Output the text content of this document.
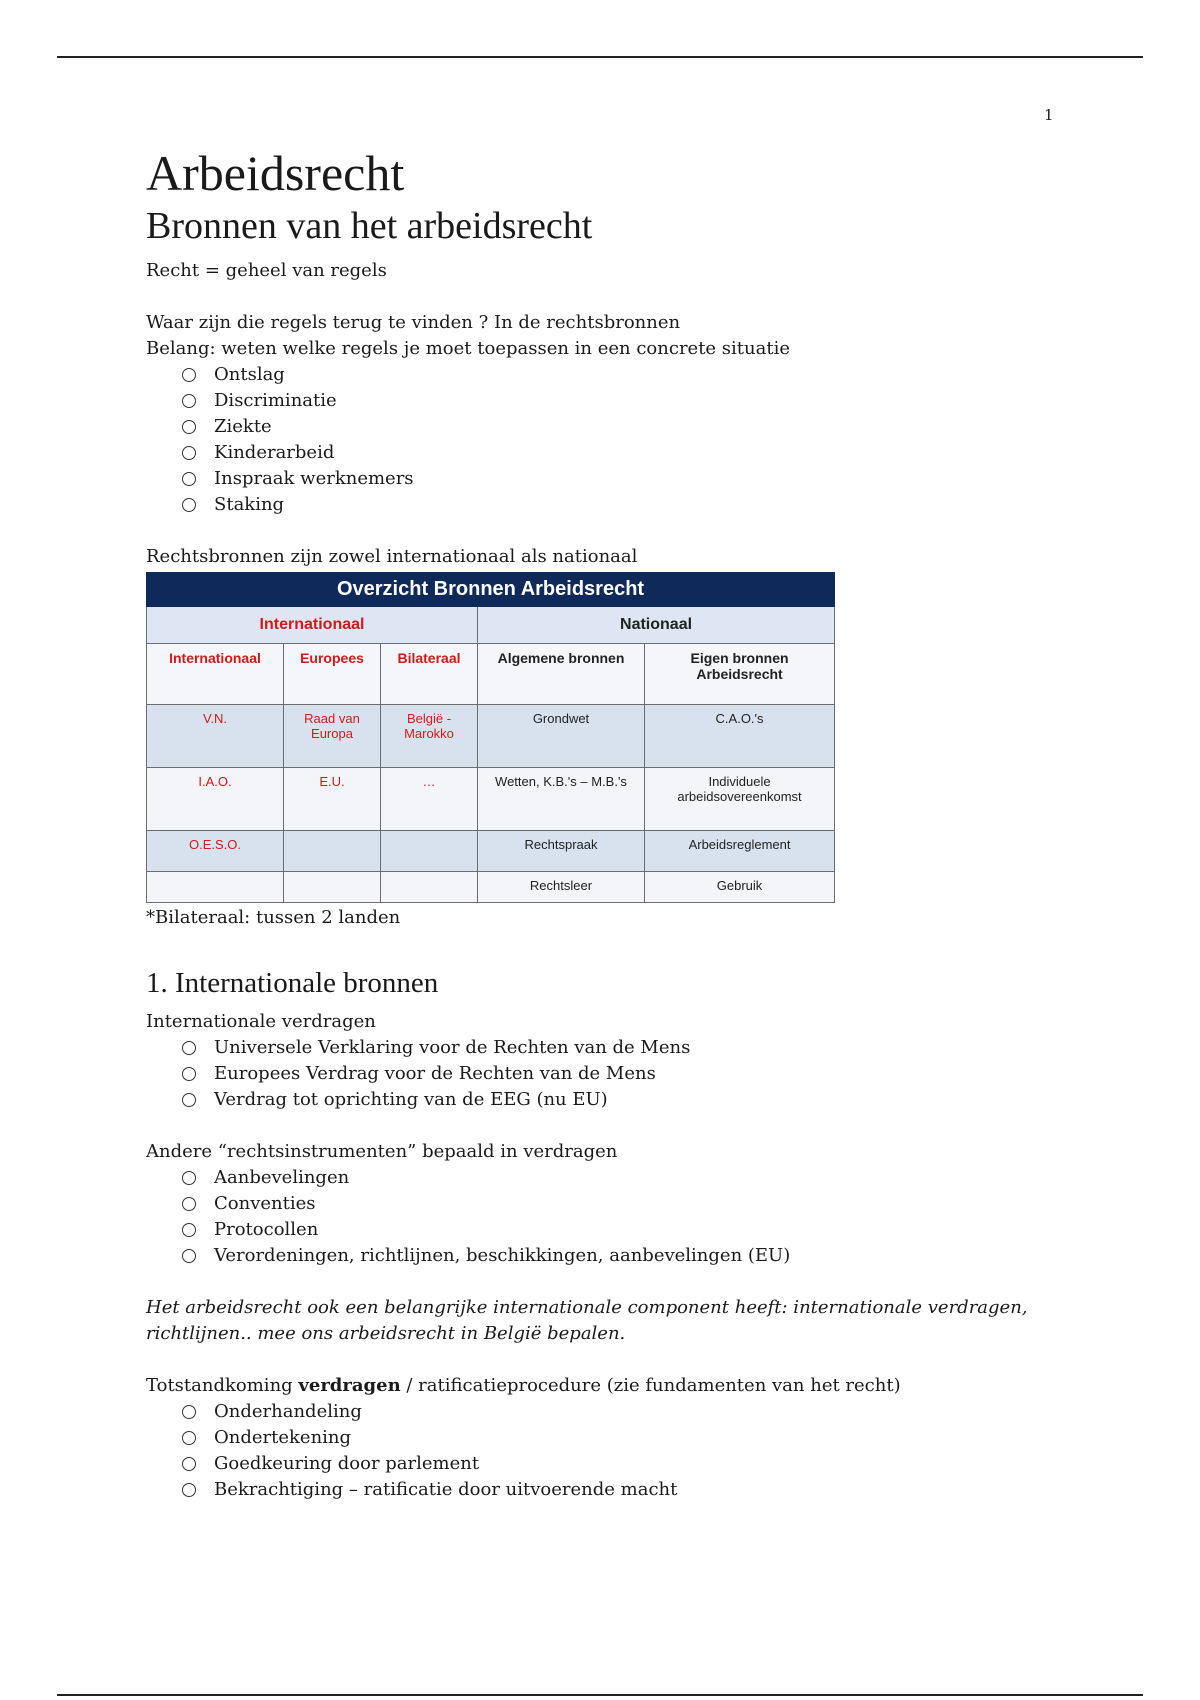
1
Arbeidsrecht
Bronnen van het arbeidsrecht

Recht = geheel van regels

Waar zijn die regels terug te vinden ? In de rechtsbronnen

Belang: weten welke regels je moet toepassen in een concrete situatie

Ontslag
Discriminatie
Ziekte
Kinderarbeid
Inspraak werknemers
Staking

Rechtsbronnen zijn zowel internationaal als nationaal

Overzicht Bronnen Arbeidsrecht				
Internationaal			Nationaal	
Internationaal	Europees	Bilateraal	Algemene bronnen	Eigen bronnen Arbeidsrecht
V.N.	Raad van Europa	België - Marokko	Grondwet	C.A.O.'s
I.A.O.	E.U.	…	Wetten, K.B.'s – M.B.'s	Individuele arbeidsovereenkomst
O.E.S.O.			Rechtspraak	Arbeidsreglement
			Rechtsleer	Gebruik

*Bilateraal: tussen 2 landen

1. Internationale bronnen

Internationale verdragen

Universele Verklaring voor de Rechten van de Mens
Europees Verdrag voor de Rechten van de Mens
Verdrag tot oprichting van de EEG (nu EU)

Andere “rechtsinstrumenten” bepaald in verdragen

Aanbevelingen
Conventies
Protocollen
Verordeningen, richtlijnen, beschikkingen, aanbevelingen (EU)

Het arbeidsrecht ook een belangrijke internationale component heeft: internationale verdragen, richtlijnen.. mee ons arbeidsrecht in België bepalen.

Totstandkoming verdragen / ratificatieprocedure (zie fundamenten van het recht)

Onderhandeling
Ondertekening
Goedkeuring door parlement
Bekrachtiging – ratificatie door uitvoerende macht
